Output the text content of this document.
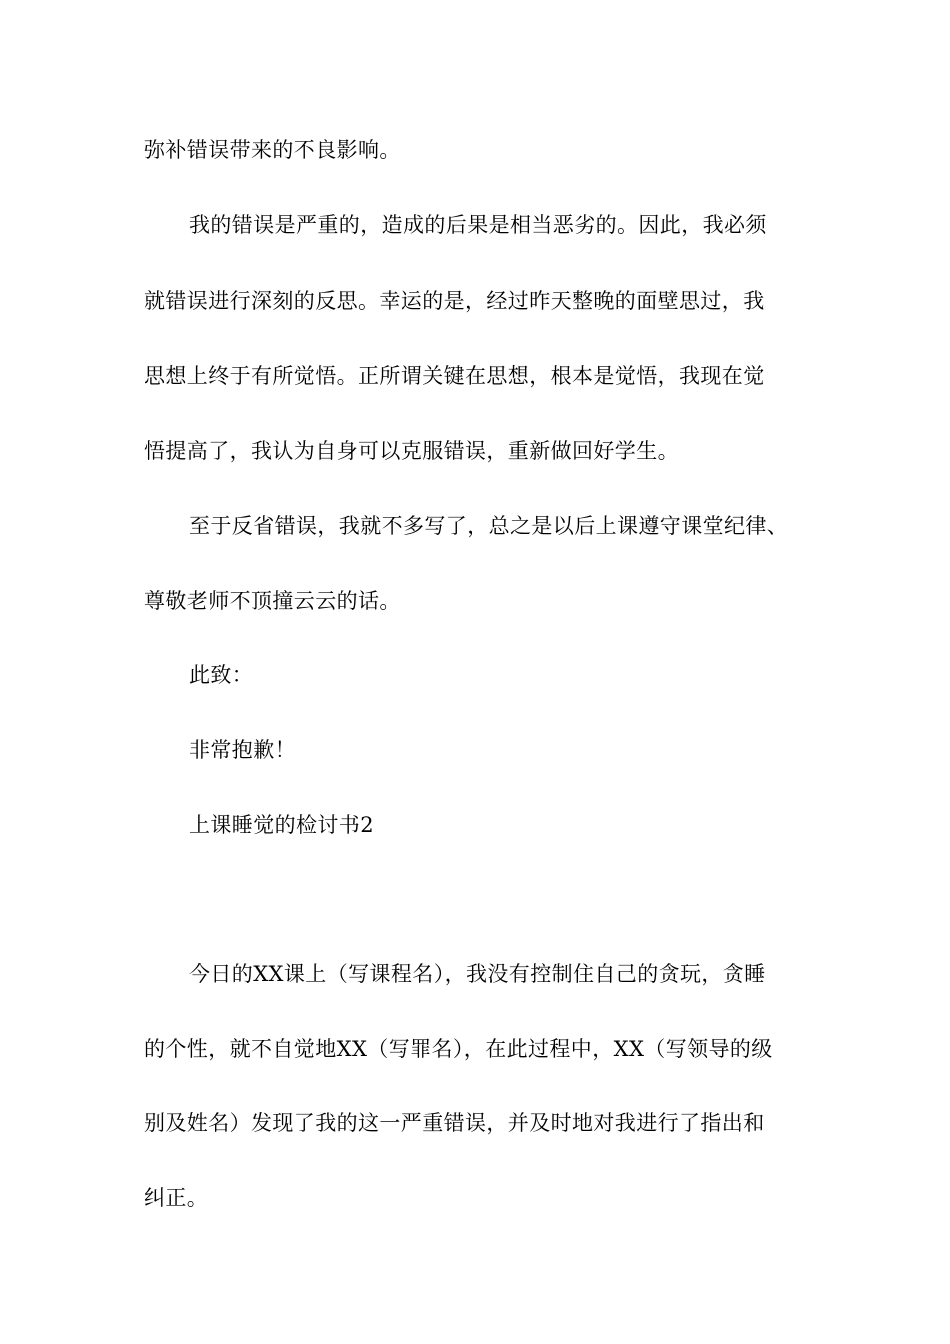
弥补错误带来的不良影响。
我的错误是严重的，造成的后果是相当恶劣的。因此，我必须
就错误进行深刻的反思。幸运的是，经过昨天整晚的面壁思过，我
思想上终于有所觉悟。正所谓关键在思想，根本是觉悟，我现在觉
悟提高了，我认为自身可以克服错误，重新做回好学生。
至于反省错误，我就不多写了，总之是以后上课遵守课堂纪律、
尊敬老师不顶撞云云的话。
此致：
非常抱歉！
上课睡觉的检讨书2
今日的XX课上（写课程名），我没有控制住自己的贪玩，贪睡
的个性，就不自觉地XX（写罪名），在此过程中，XX（写领导的级
别及姓名）发现了我的这一严重错误，并及时地对我进行了指出和
纠正。
